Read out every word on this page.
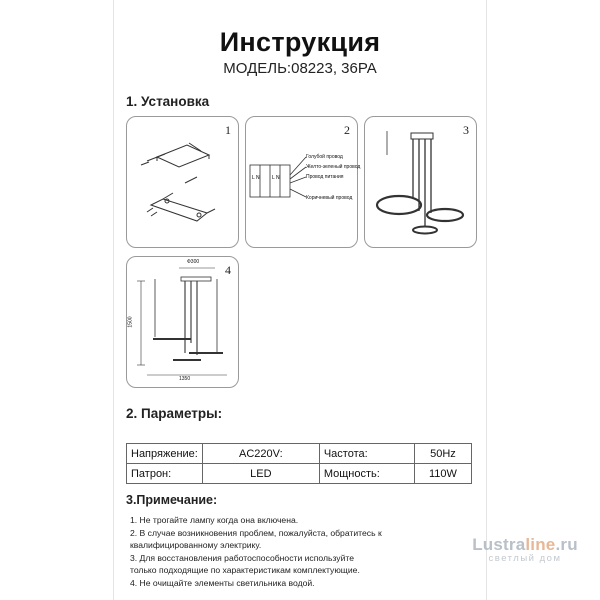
Инструкция
МОДЕЛЬ:08223, 36PA
1. Установка
1	2
L N L N
Голубой провод
Желто-зеленый провод
Провод питания
Коричневый провод
3
4
Ф300
1500
1350
2. Параметры:
Напряжение:	AC220V:	Частота:	50Hz
Патрон:	LED	Мощность:	110W
3.Примечание:
1. Не трогайте лампу когда она включена.
2. В случае возникновения проблем, пожалуйста, обратитесь к
квалифицированному электрику.
3. Для восстановления работоспособности используйте
только подходящие по характеристикам комплектующие.
4. Не очищайте элементы светильника водой.
Lustraline.ru
светлый дом
